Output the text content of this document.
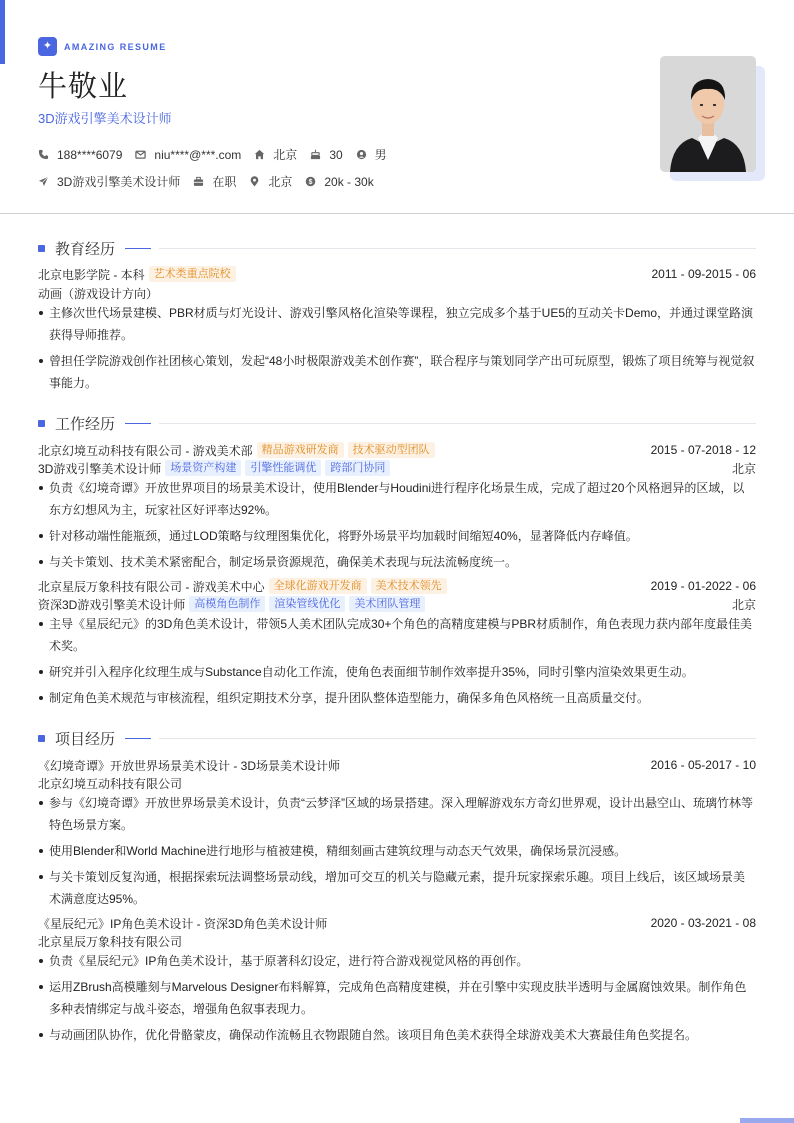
✦	AMAZING RESUME
牛敬业
3D游戏引擎美术设计师
188****6079	niu****@***.com	北京	30	男
3D游戏引擎美术设计师	在职	北京 $ 20k - 30k
教育经历
北京电影学院 - 本科 艺术类重点院校	2011 - 09-2015 - 06
动画（游戏设计方向）
主修次世代场景建模、PBR材质与灯光设计、游戏引擎风格化渲染等课程，独立完成多个基于UE5的互动关卡Demo，并通过课堂路演获得导师推荐。
曾担任学院游戏创作社团核心策划，发起“48小时极限游戏美术创作赛”，联合程序与策划同学产出可玩原型，锻炼了项目统筹与视觉叙事能力。
工作经历
北京幻境互动科技有限公司 - 游戏美术部 精品游戏研发商	技术驱动型团队	2015 - 07-2018 - 12
3D游戏引擎美术设计师 场景资产构建	引擎性能调优	跨部门协同	北京
负责《幻境奇谭》开放世界项目的场景美术设计，使用Blender与Houdini进行程序化场景生成，完成了超过20个风格迥异的区域，以东方幻想风为主，玩家社区好评率达92%。
针对移动端性能瓶颈，通过LOD策略与纹理图集优化，将野外场景平均加载时间缩短40%，显著降低内存峰值。
与关卡策划、技术美术紧密配合，制定场景资源规范，确保美术表现与玩法流畅度统一。
北京星辰万象科技有限公司 - 游戏美术中心 全球化游戏开发商	美术技术领先	2019 - 01-2022 - 06
资深3D游戏引擎美术设计师 高模角色制作	渲染管线优化	美术团队管理	北京
主导《星辰纪元》的3D角色美术设计，带领5人美术团队完成30+个角色的高精度建模与PBR材质制作，角色表现力获内部年度最佳美术奖。
研究并引入程序化纹理生成与Substance自动化工作流，使角色表面细节制作效率提升35%，同时引擎内渲染效果更生动。
制定角色美术规范与审核流程，组织定期技术分享，提升团队整体造型能力，确保多角色风格统一且高质量交付。
项目经历
《幻境奇谭》开放世界场景美术设计 - 3D场景美术设计师	2016 - 05-2017 - 10
北京幻境互动科技有限公司
参与《幻境奇谭》开放世界场景美术设计，负责“云梦泽”区域的场景搭建。深入理解游戏东方奇幻世界观，设计出悬空山、琉璃竹林等特色场景方案。
使用Blender和World Machine进行地形与植被建模，精细刻画古建筑纹理与动态天气效果，确保场景沉浸感。
与关卡策划反复沟通，根据探索玩法调整场景动线，增加可交互的机关与隐藏元素，提升玩家探索乐趣。项目上线后，该区域场景美术满意度达95%。
《星辰纪元》IP角色美术设计 - 资深3D角色美术设计师	2020 - 03-2021 - 08
北京星辰万象科技有限公司
负责《星辰纪元》IP角色美术设计，基于原著科幻设定，进行符合游戏视觉风格的再创作。
运用ZBrush高模雕刻与Marvelous Designer布料解算，完成角色高精度建模，并在引擎中实现皮肤半透明与金属腐蚀效果。制作角色多种表情绑定与战斗姿态，增强角色叙事表现力。
与动画团队协作，优化骨骼蒙皮，确保动作流畅且衣物跟随自然。该项目角色美术获得全球游戏美术大赛最佳角色奖提名。
